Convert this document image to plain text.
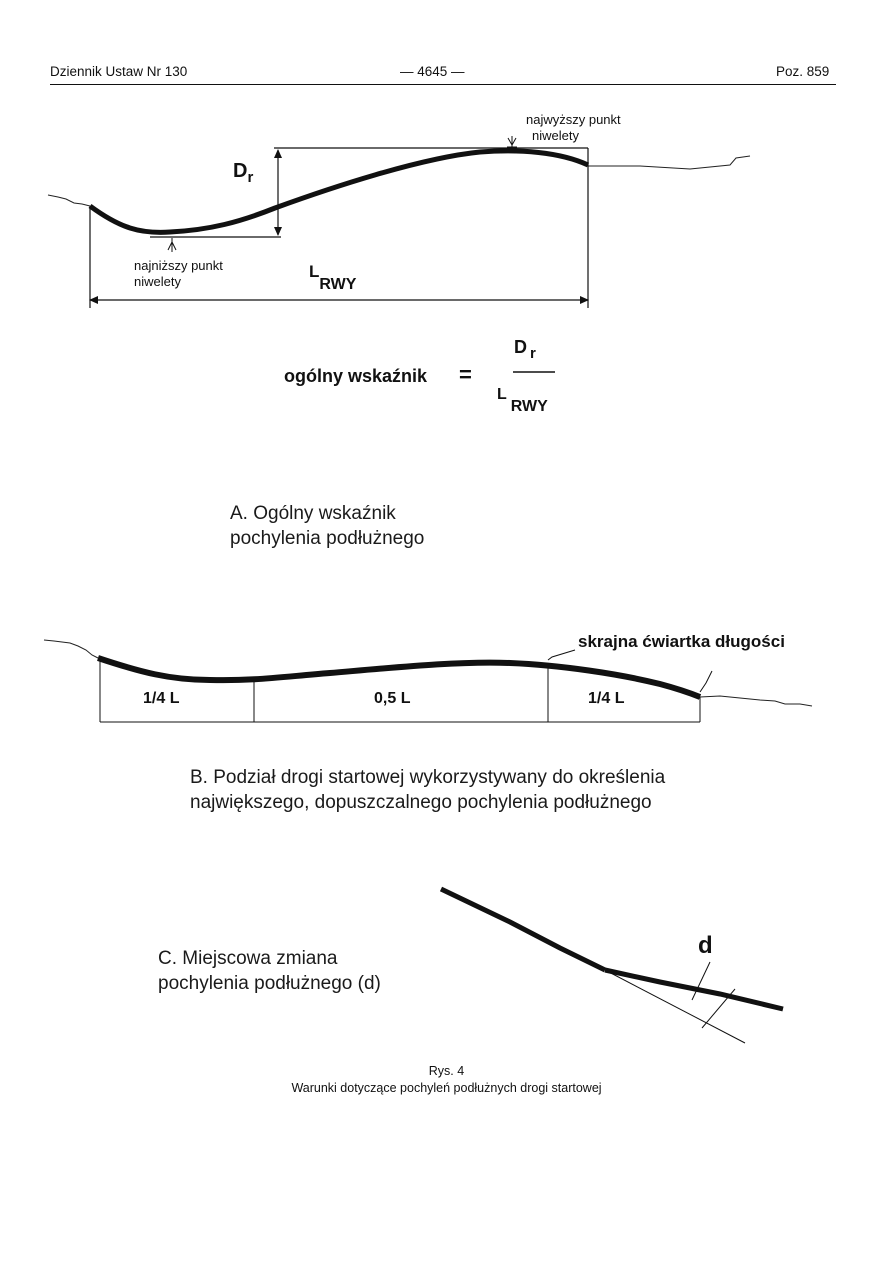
Dziennik Ustaw Nr 130	— 4645 —	Poz. 859
najwyższy punkt
niwelety
najniższy punkt
niwelety
$D_r$
LRWY
ogólny wskaźnik =
D $_r$
LRWY
A. Ogólny wskaźnik
pochylenia podłużnego
skrajna ćwiartka długości
1/4 L	0,5 L	1/4 L
B. Podział drogi startowej wykorzystywany do określenia
największego, dopuszczalnego pochylenia podłużnego
d
C. Miejscowa zmiana
pochylenia podłużnego (d)
Rys. 4
Warunki dotyczące pochyleń podłużnych drogi startowej
